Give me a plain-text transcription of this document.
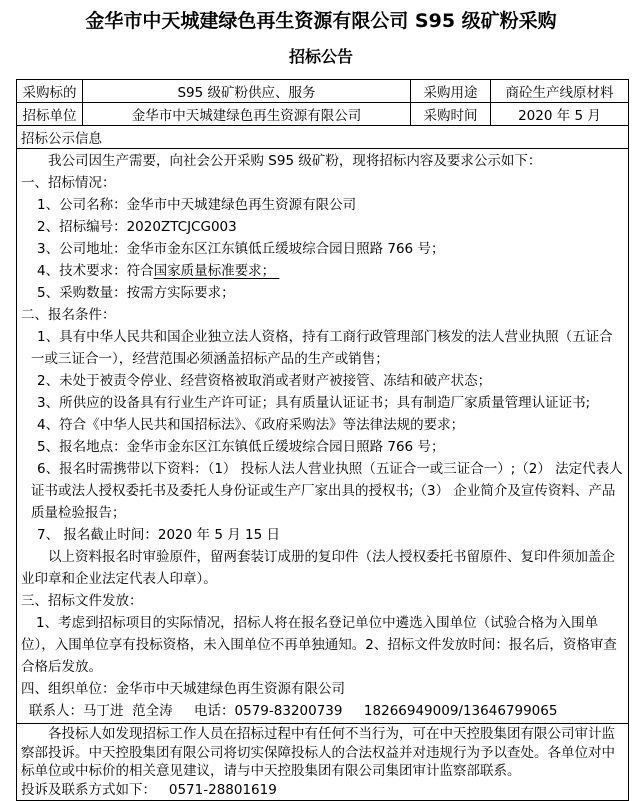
金华市中天城建绿色再生资源有限公司 S95 级矿粉采购
招标公告
采购标的	S95 级矿粉供应、服务	采购用途	商砼生产线原材料
招标单位	金华市中天城建绿色再生资源有限公司	采购时间	2020 年 5 月
招标公示信息			

我公司因生产需要，向社会公开采购 S95 级矿粉，现将招标内容及要求公示如下：

一、招标情况：

1、公司名称：金华市中天城建绿色再生资源有限公司

2、招标编号：2020ZTCJCG003

3、公司地址：金华市金东区江东镇低丘缓坡综合园日照路 766 号；

4、技术要求：符合国家质量标准要求；

5、采购数量：按需方实际要求；

二、报名条件：

1、具有中华人民共和国企业独立法人资格，持有工商行政管理部门核发的法人营业执照（五证合一或三证合一），经营范围必须涵盖招标产品的生产或销售；

2、未处于被责令停业、经营资格被取消或者财产被接管、冻结和破产状态；

3、所供应的设备具有行业生产许可证；具有质量认证证书；具有制造厂家质量管理认证证书;

4、符合《中华人民共和国招标法》、《政府采购法》等法律法规的要求；

5、报名地点：金华市金东区江东镇低丘缓坡综合园日照路 766 号；

6、报名时需携带以下资料：（1） 投标人法人营业执照（五证合一或三证合一）;（2） 法定代表人证书或法人授权委托书及委托人身份证或生产厂家出具的授权书;（3） 企业简介及宣传资料、产品质量检验报告；

7、 报名截止时间：2020 年 5 月 15 日

以上资料报名时审验原件，留两套装订成册的复印件（法人授权委托书留原件、复印件须加盖企业印章和企业法定代表人印章）。

三、招标文件发放：

1、考虑到招标项目的实际情况，招标人将在报名登记单位中遴选入围单位（试验合格为入围单位），入围单位享有投标资格，未入围单位不再单独通知。2、招标文件发放时间：报名后，资格审查合格后发放。

四、组织单位：金华市中天城建绿色再生资源有限公司

联系人：马丁进  范全涛     电话：0579-83200739     18266949009/13646799065

各投标人如发现招标工作人员在招标过程中有任何不当行为，可在中天控股集团有限公司审计监察部投诉。中天控股集团有限公司将切实保障投标人的合法权益并对违规行为予以查处。各单位对中标单位或中标价的相关意见建议，请与中天控股集团有限公司集团审计监察部联系。

投诉及联系方式如下：   0571-28801619			
